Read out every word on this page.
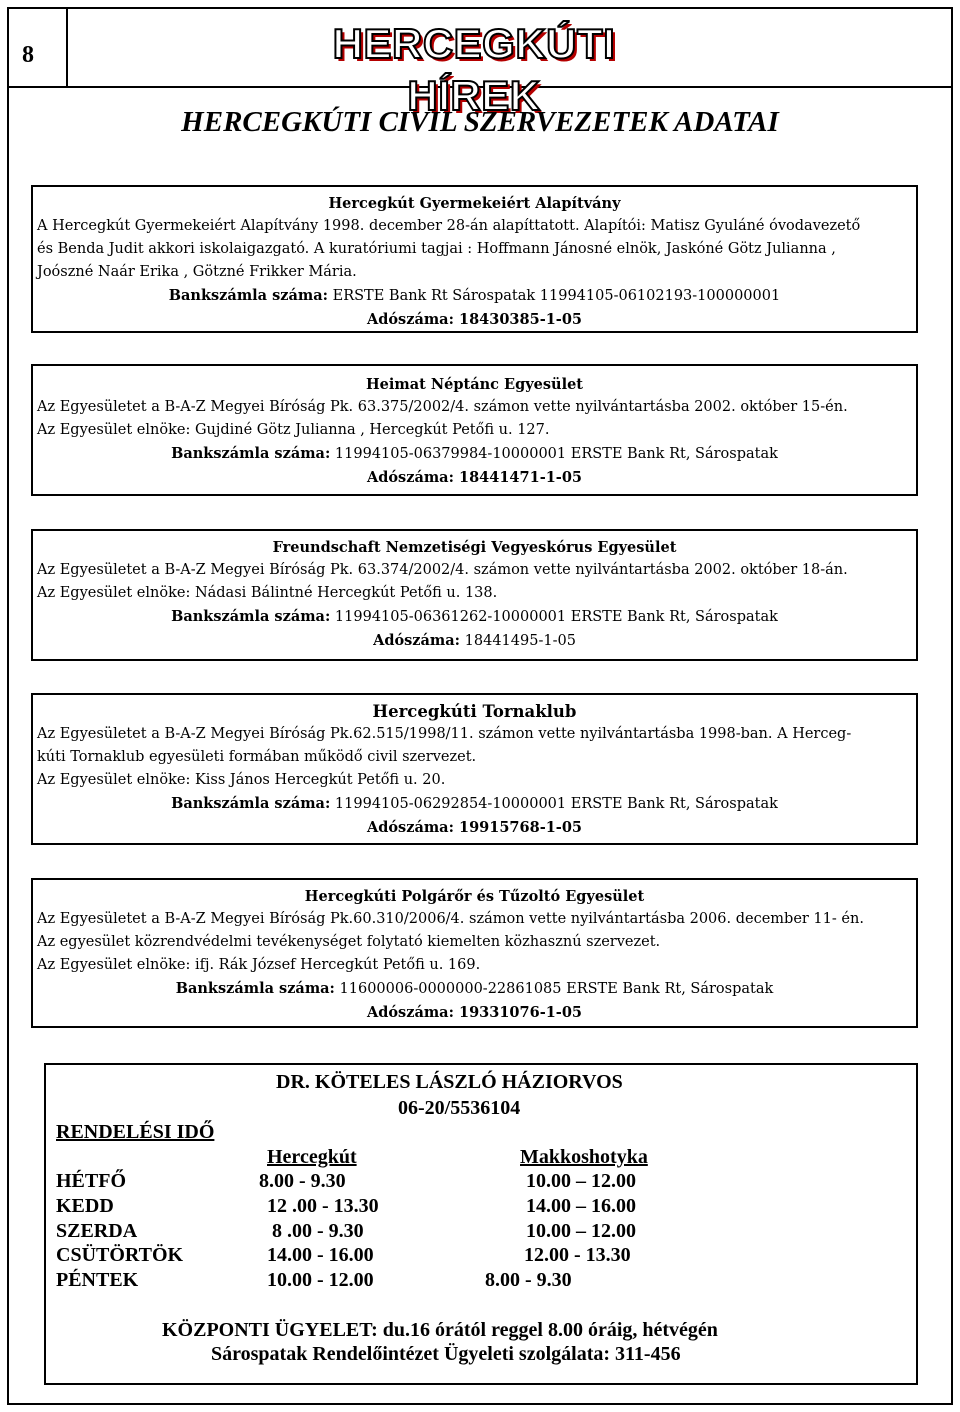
8	HERCEGKÚTI HÍREK
HERCEGKÚTI CIVIL SZERVEZETEK ADATAI
Hercegkút Gyermekeiért Alapítvány
A Hercegkút Gyermekeiért Alapítvány 1998. december 28-án alapíttatott. Alapítói: Matisz Gyuláné óvodavezető
és Benda Judit akkori iskolaigazgató. A kuratóriumi tagjai : Hoffmann Jánosné elnök, Jaskóné Götz Julianna ,
Joószné Naár Erika , Götzné Frikker Mária.
Bankszámla száma: ERSTE Bank Rt Sárospatak 11994105-06102193-100000001
Adószáma: 18430385-1-05
Heimat Néptánc Egyesület
Az Egyesületet a B-A-Z Megyei Bíróság Pk. 63.375/2002/4. számon vette nyilvántartásba 2002. október 15-én.
Az Egyesület elnöke: Gujdiné Götz Julianna , Hercegkút Petőfi u. 127.
Bankszámla száma: 11994105-06379984-10000001 ERSTE Bank Rt, Sárospatak
Adószáma: 18441471-1-05
Freundschaft Nemzetiségi Vegyeskórus Egyesület
Az Egyesületet a B-A-Z Megyei Bíróság Pk. 63.374/2002/4. számon vette nyilvántartásba 2002. október 18-án.
Az Egyesület elnöke: Nádasi Bálintné Hercegkút Petőfi u. 138.
Bankszámla száma: 11994105-06361262-10000001 ERSTE Bank Rt, Sárospatak
Adószáma: 18441495-1-05
Hercegkúti Tornaklub
Az Egyesületet a B-A-Z Megyei Bíróság Pk.62.515/1998/11. számon vette nyilvántartásba 1998-ban. A Herceg-
kúti Tornaklub egyesületi formában működő civil szervezet.
Az Egyesület elnöke: Kiss János Hercegkút Petőfi u. 20.
Bankszámla száma: 11994105-06292854-10000001 ERSTE Bank Rt, Sárospatak
Adószáma: 19915768-1-05
Hercegkúti Polgárőr és Tűzoltó Egyesület
Az Egyesületet a B-A-Z Megyei Bíróság Pk.60.310/2006/4. számon vette nyilvántartásba 2006. december 11- én.
Az egyesület közrendvédelmi tevékenységet folytató kiemelten közhasznú szervezet.
Az Egyesület elnöke: ifj. Rák József Hercegkút Petőfi u. 169.
Bankszámla száma: 11600006-0000000-22861085 ERSTE Bank Rt, Sárospatak
Adószáma: 19331076-1-05
DR. KÖTELES LÁSZLÓ HÁZIORVOS
06-20/5536104
RENDELÉSI IDŐ
Hercegkút	Makkoshotyka
HÉTFŐ	8.00 - 9.30	10.00 – 12.00
KEDD	12 .00 - 13.30	14.00 – 16.00
SZERDA	8 .00 - 9.30	10.00 – 12.00
CSÜTÖRTÖK	14.00 - 16.00	12.00 - 13.30
PÉNTEK	10.00 - 12.00	8.00 - 9.30
KÖZPONTI ÜGYELET: du.16 órától reggel 8.00 óráig, hétvégén
Sárospatak Rendelőintézet Ügyeleti szolgálata: 311-456
